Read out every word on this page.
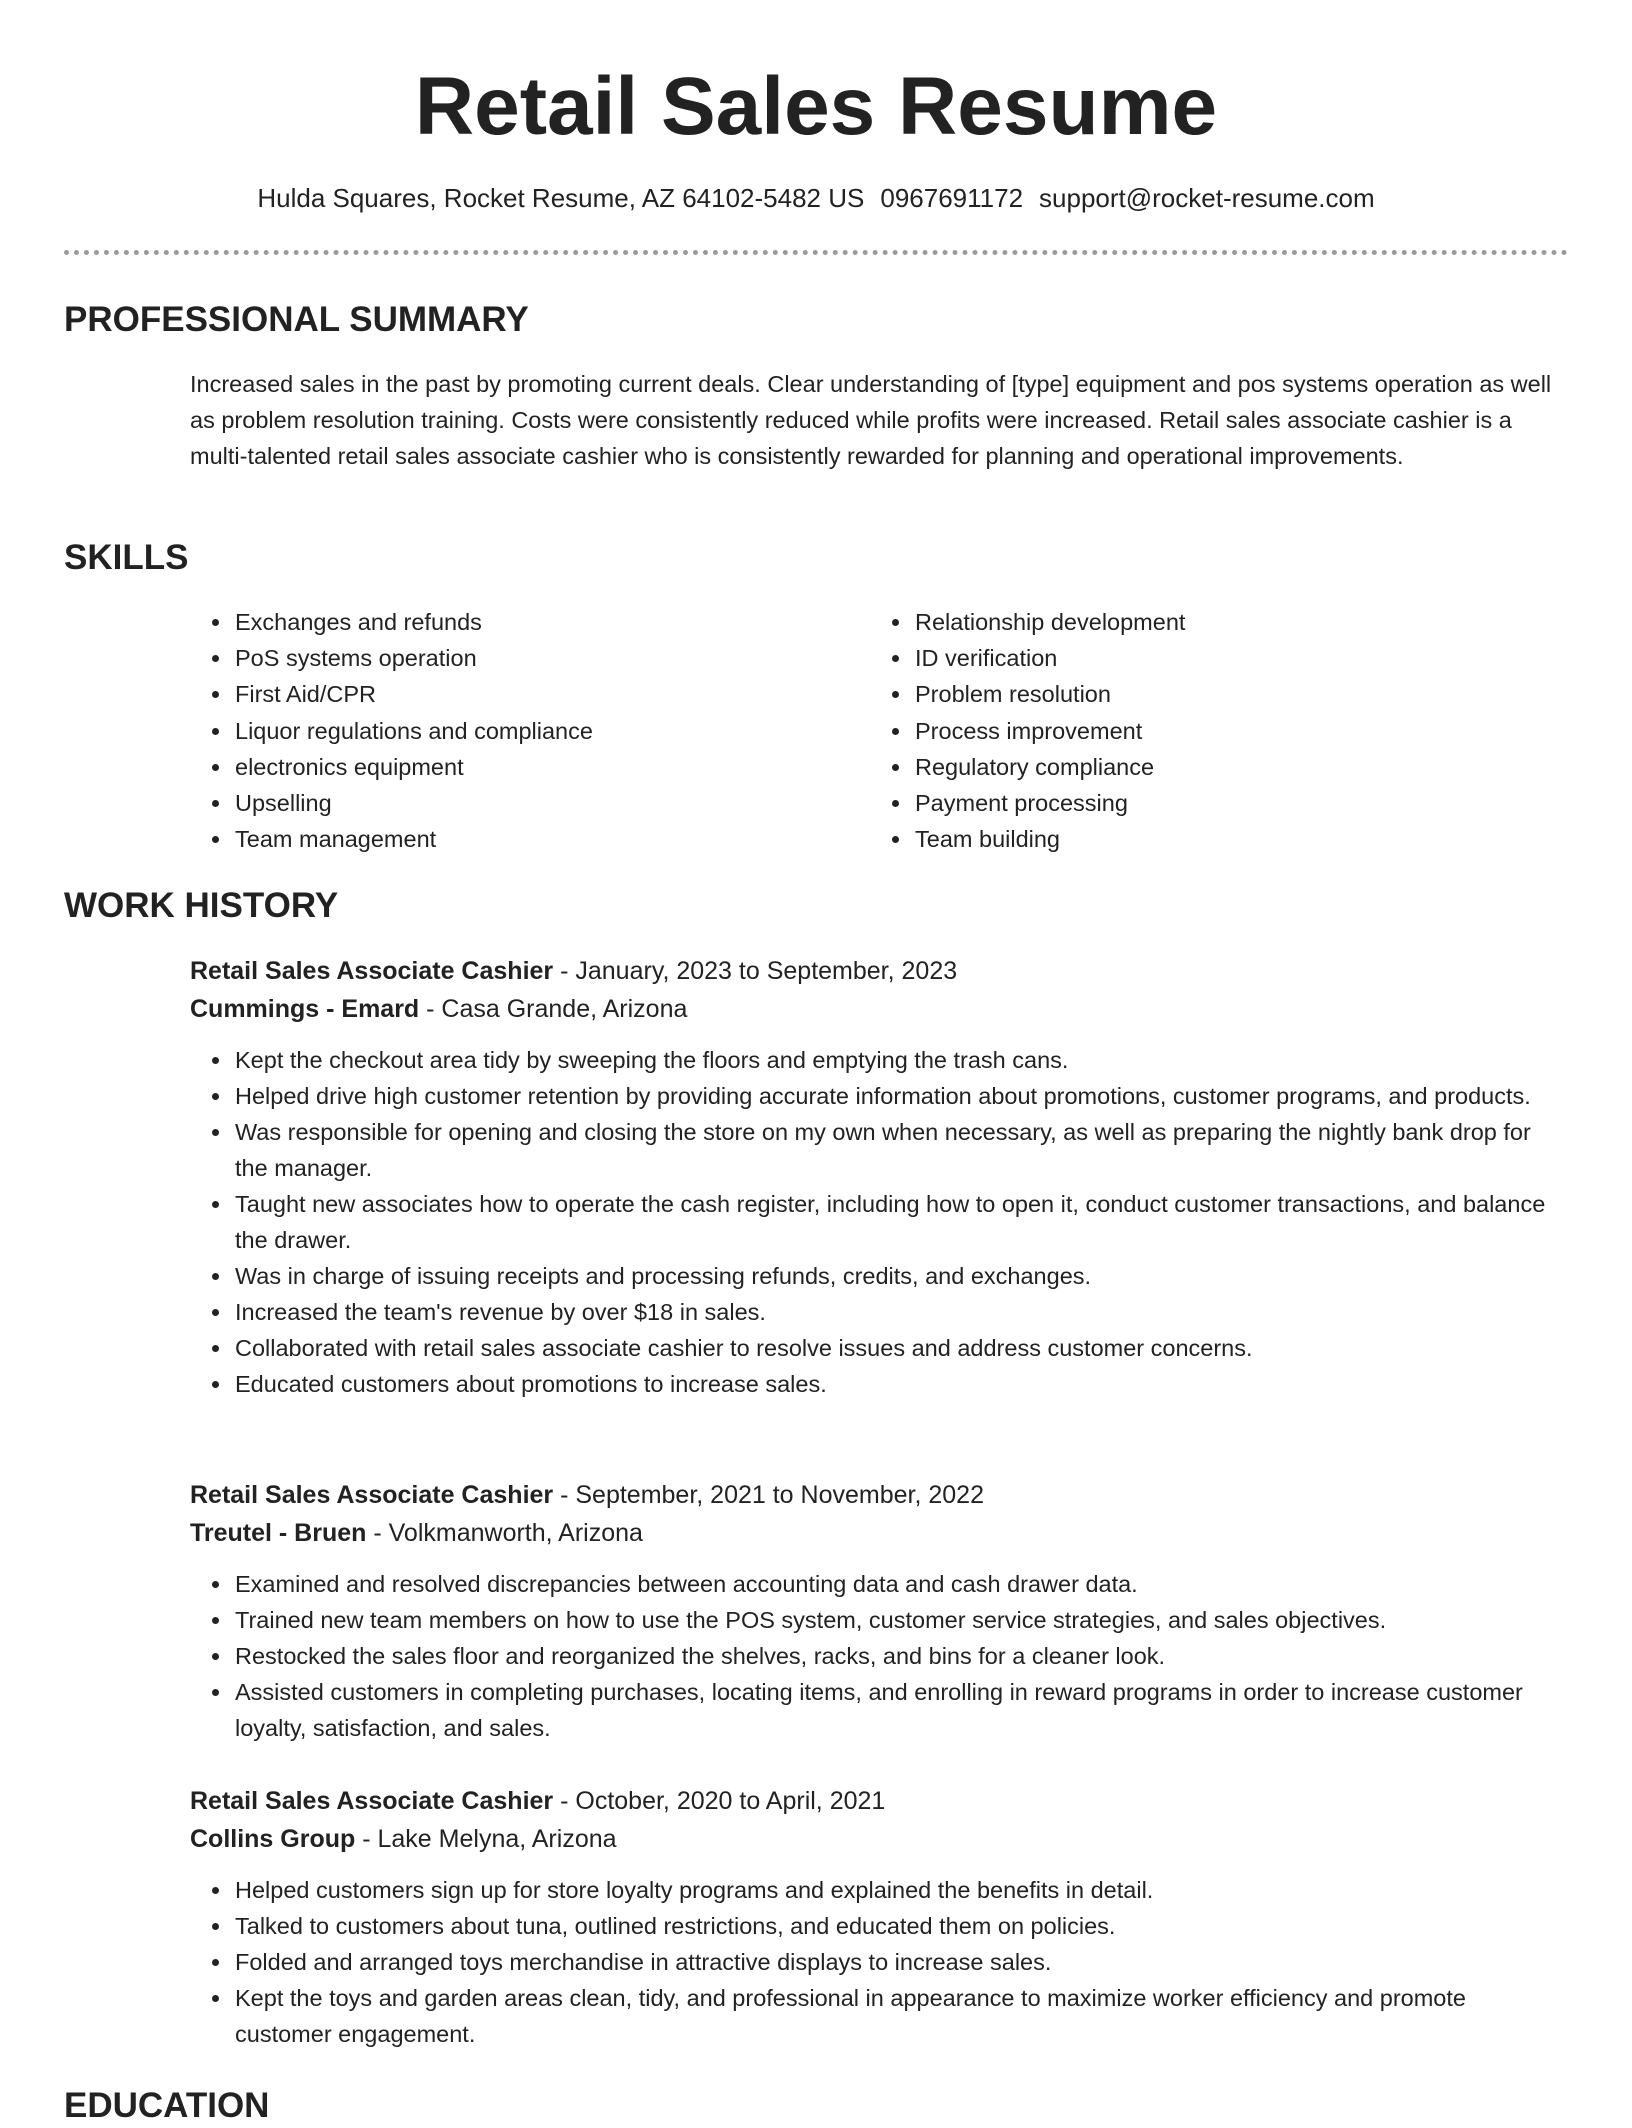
Retail Sales Resume
Hulda Squares, Rocket Resume, AZ 64102-5482 US 0967691172 support@rocket-resume.com
PROFESSIONAL SUMMARY

Increased sales in the past by promoting current deals. Clear understanding of [type] equipment and pos systems operation as well as problem resolution training. Costs were consistently reduced while profits were increased. Retail sales associate cashier is a multi-talented retail sales associate cashier who is consistently rewarded for planning and operational improvements.

SKILLS
• Exchanges and refunds
• PoS systems operation
• First Aid/CPR
• Liquor regulations and compliance
• electronics equipment
• Upselling
• Team management
• Relationship development
• ID verification
• Problem resolution
• Process improvement
• Regulatory compliance
• Payment processing
• Team building
WORK HISTORY
Retail Sales Associate Cashier - January, 2023 to September, 2023
Cummings - Emard - Casa Grande, Arizona
• Kept the checkout area tidy by sweeping the floors and emptying the trash cans.
• Helped drive high customer retention by providing accurate information about promotions, customer programs, and products.
• Was responsible for opening and closing the store on my own when necessary, as well as preparing the nightly bank drop for the manager.
• Taught new associates how to operate the cash register, including how to open it, conduct customer transactions, and balance the drawer.
• Was in charge of issuing receipts and processing refunds, credits, and exchanges.
• Increased the team's revenue by over $18 in sales.
• Collaborated with retail sales associate cashier to resolve issues and address customer concerns.
• Educated customers about promotions to increase sales.
Retail Sales Associate Cashier - September, 2021 to November, 2022
Treutel - Bruen - Volkmanworth, Arizona
• Examined and resolved discrepancies between accounting data and cash drawer data.
• Trained new team members on how to use the POS system, customer service strategies, and sales objectives.
• Restocked the sales floor and reorganized the shelves, racks, and bins for a cleaner look.
• Assisted customers in completing purchases, locating items, and enrolling in reward programs in order to increase customer loyalty, satisfaction, and sales.
Retail Sales Associate Cashier - October, 2020 to April, 2021
Collins Group - Lake Melyna, Arizona
• Helped customers sign up for store loyalty programs and explained the benefits in detail.
• Talked to customers about tuna, outlined restrictions, and educated them on policies.
• Folded and arranged toys merchandise in attractive displays to increase sales.
• Kept the toys and garden areas clean, tidy, and professional in appearance to maximize worker efficiency and promote customer engagement.
EDUCATION
